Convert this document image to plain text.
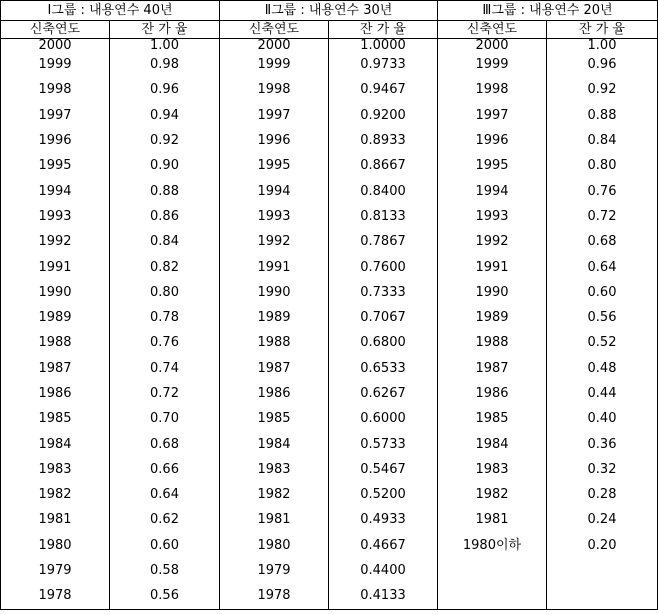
Ⅰ그룹 : 내용연수 40년		Ⅱ그룹 : 내용연수 30년		Ⅲ그룹 : 내용연수 20년	
신축연도	잔 가 율	신축연도	잔 가 율	신축연도	잔 가 율
2000	1.00	2000	1.0000	2000	1.00
1999	0.98	1999	0.9733	1999	0.96
1998	0.96	1998	0.9467	1998	0.92
1997	0.94	1997	0.9200	1997	0.88
1996	0.92	1996	0.8933	1996	0.84
1995	0.90	1995	0.8667	1995	0.80
1994	0.88	1994	0.8400	1994	0.76
1993	0.86	1993	0.8133	1993	0.72
1992	0.84	1992	0.7867	1992	0.68
1991	0.82	1991	0.7600	1991	0.64
1990	0.80	1990	0.7333	1990	0.60
1989	0.78	1989	0.7067	1989	0.56
1988	0.76	1988	0.6800	1988	0.52
1987	0.74	1987	0.6533	1987	0.48
1986	0.72	1986	0.6267	1986	0.44
1985	0.70	1985	0.6000	1985	0.40
1984	0.68	1984	0.5733	1984	0.36
1983	0.66	1983	0.5467	1983	0.32
1982	0.64	1982	0.5200	1982	0.28
1981	0.62	1981	0.4933	1981	0.24
1980	0.60	1980	0.4667	1980이하	0.20
1979	0.58	1979	0.4400		
1978	0.56	1978	0.4133		
